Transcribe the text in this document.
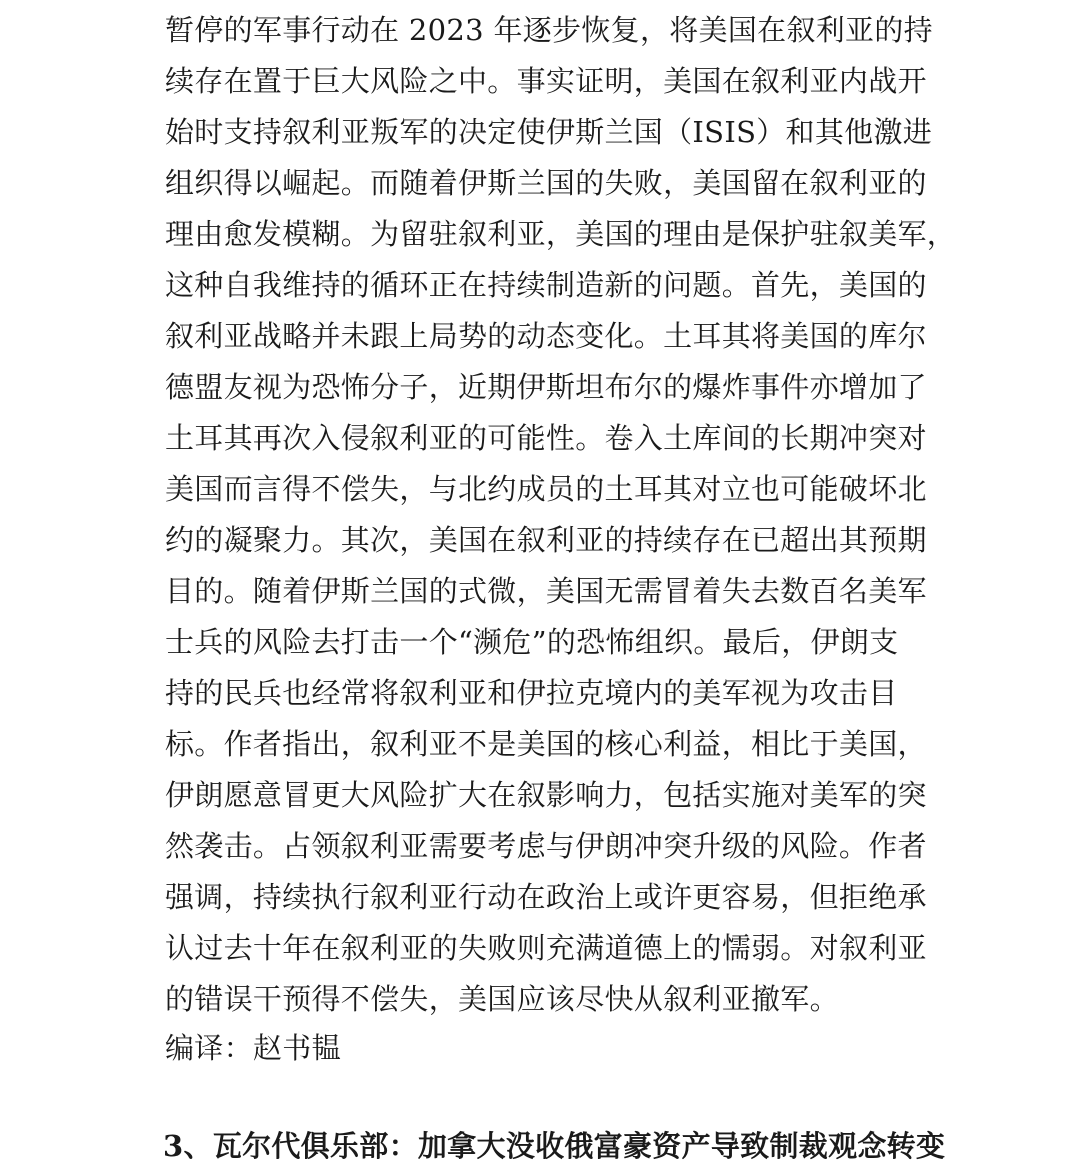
暂停的军事行动在 2023 年逐步恢复，将美国在叙利亚的持
续存在置于巨大风险之中。事实证明，美国在叙利亚内战开
始时支持叙利亚叛军的决定使伊斯兰国（ISIS）和其他激进
组织得以崛起。而随着伊斯兰国的失败，美国留在叙利亚的
理由愈发模糊。为留驻叙利亚，美国的理由是保护驻叙美军，
这种自我维持的循环正在持续制造新的问题。首先，美国的
叙利亚战略并未跟上局势的动态变化。土耳其将美国的库尔
德盟友视为恐怖分子，近期伊斯坦布尔的爆炸事件亦增加了
土耳其再次入侵叙利亚的可能性。卷入土库间的长期冲突对
美国而言得不偿失，与北约成员的土耳其对立也可能破坏北
约的凝聚力。其次，美国在叙利亚的持续存在已超出其预期
目的。随着伊斯兰国的式微，美国无需冒着失去数百名美军
士兵的风险去打击一个“濒危”的恐怖组织。最后，伊朗支
持的民兵也经常将叙利亚和伊拉克境内的美军视为攻击目
标。作者指出，叙利亚不是美国的核心利益，相比于美国，
伊朗愿意冒更大风险扩大在叙影响力，包括实施对美军的突
然袭击。占领叙利亚需要考虑与伊朗冲突升级的风险。作者
强调，持续执行叙利亚行动在政治上或许更容易，但拒绝承
认过去十年在叙利亚的失败则充满道德上的懦弱。对叙利亚
的错误干预得不偿失，美国应该尽快从叙利亚撤军。
编译：赵书韫
3、瓦尔代俱乐部：加拿大没收俄富豪资产导致制裁观念转变
